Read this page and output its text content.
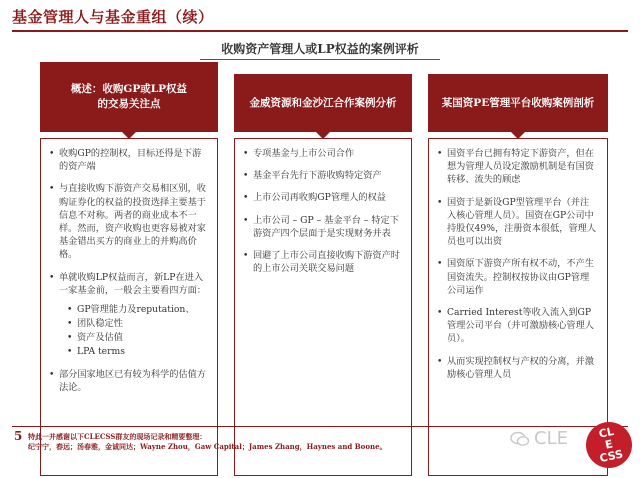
基金管理人与基金重组（续）
收购资产管理人或LP权益的案例评析
概述：收购GP或LP权益的交易关注点
• 收购GP的控制权，目标还得是下游的资产端
• 与直接收购下游资产交易相区别，收购证券化的权益的投资选择主要基于信息不对称。两者的商业成本不一样。然而，资产收购也更容易被对家基金错出买方的商业上的并购高价格。
• 单就收购LP权益而言，新LP在进入一家基金前，一般会主要看四方面：
• GP管理能力及reputation、
• 团队稳定性
• 资产及估值
• LPA terms
• 部分国家地区已有较为科学的估值方法论。
金威资源和金沙江合作案例分析
• 专项基金与上市公司合作
• 基金平台先行下游收购特定资产
• 上市公司再收购GP管理人的权益
• 上市公司 – GP – 基金平台 – 特定下游资产四个层面于是实现财务并表
• 回避了上市公司直接收购下游资产时的上市公司关联交易问题
某国资PE管理平台收购案例剖析
• 国资平台已拥有特定下游资产，但在想为管理人员设定激励机制是有国资转移、流失的顾虑
• 国资于是新设GP型管理平台（并注入核心管理人员）。国资在GP公司中持股仅49%，注册资本很低，管理人员也可以出资
• 国资原下游资产所有权不动，不产生国资流失。控制权按协议由GP管理公司运作
• Carried Interest等收入流入到GP管理公司平台（并可激励核心管理人员）。
• 从而实现控制权与产权的分离，并激励核心管理人员
5 特此一并感谢以下CLECSS群友的现场记录和精要整理：
纪宁宁，舂远；汤春雅，金诚同达；Wayne Zhou，Gaw Capital；James Zhang，Haynes and Boone。	CLE	CL
E
CSS
